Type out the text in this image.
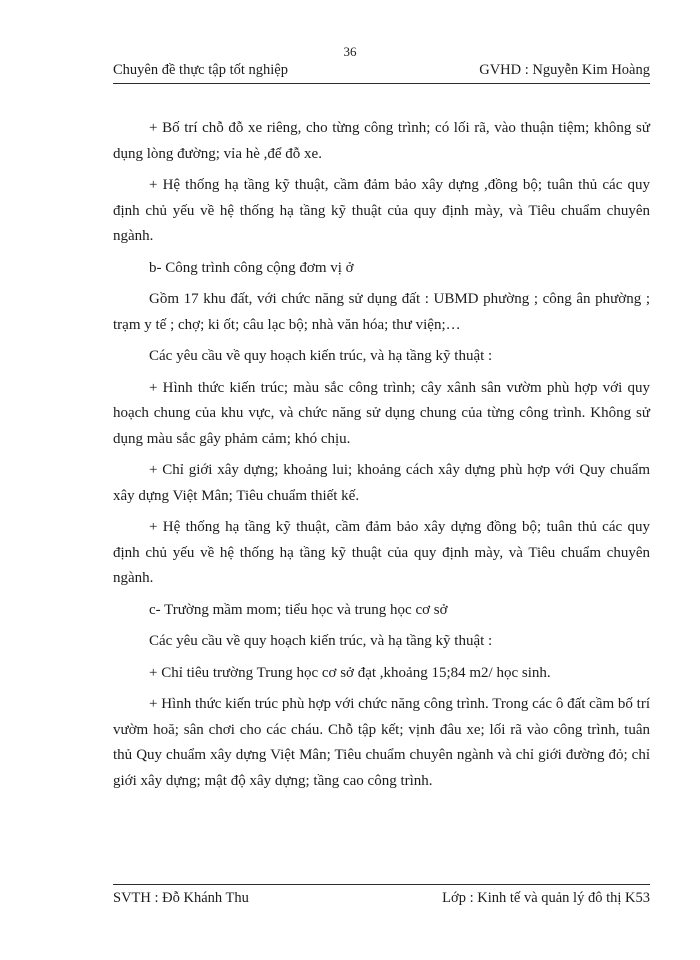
36
Chuyên đề thực tập tốt nghiệp	GVHD : Nguyễn Kim Hoàng

+ Bố trí chỗ đỗ xe riêng, cho từng công trình; có lối rã, vào thuận tiệm; không sử dụng lòng đường; vỉa hè ,để đỗ xe.

+ Hệ thống hạ tầng kỹ thuật, cầm đảm bảo xây dựng ,đồng bộ; tuân thủ các quy định chủ yếu về hệ thống hạ tầng kỹ thuật của quy định mày, và Tiêu chuẩm chuyên ngành.

b- Công trình công cộng đơm vị ở

Gồm 17 khu đất, với chức năng sử dụng đất : UBMD phường ; công ân phường ; trạm y tế ; chợ; ki ốt; câu lạc bộ; nhà văn hóa; thư viện;…

Các yêu cầu về quy hoạch kiến trúc, và hạ tầng kỹ thuật :

+ Hình thức kiến trúc; màu sắc công trình; cây xânh sân vườm phù hợp với quy hoạch chung của khu vực, và chức năng sử dụng chung của từng công trình. Không sử dụng màu sắc gây phảm cảm; khó chịu.

+ Chỉ giới xây dựng; khoảng lui; khoảng cách xây dựng phù hợp với Quy chuẩm xây dựng Việt Mân; Tiêu chuẩm thiết kế.

+ Hệ thống hạ tầng kỹ thuật, cầm đảm bảo xây dựng đồng bộ; tuân thủ các quy định chủ yếu về hệ thống hạ tầng kỹ thuật của quy định mày, và Tiêu chuẩm chuyên ngành.

c- Trường mầm mom; tiểu học và trung học cơ sở

Các yêu cầu về quy hoạch kiến trúc, và hạ tầng kỹ thuật :

+ Chỉ tiêu trường Trung học cơ sở đạt ,khoảng 15;84 m2/ học sinh.

+ Hình thức kiến trúc phù hợp với chức năng công trình. Trong các ô đất cầm bố trí vườm hoă; sân chơi cho các cháu. Chỗ tập kết; vịnh đâu xe; lối rã vào công trình, tuân thủ Quy chuẩm xây dựng Việt Mân; Tiêu chuẩm chuyên ngành và chỉ giới đường đỏ; chỉ giới xây dựng; mật độ xây dựng; tầng cao công trình.

SVTH : Đỗ Khánh Thu	Lớp : Kinh tế và quản lý đô thị K53
